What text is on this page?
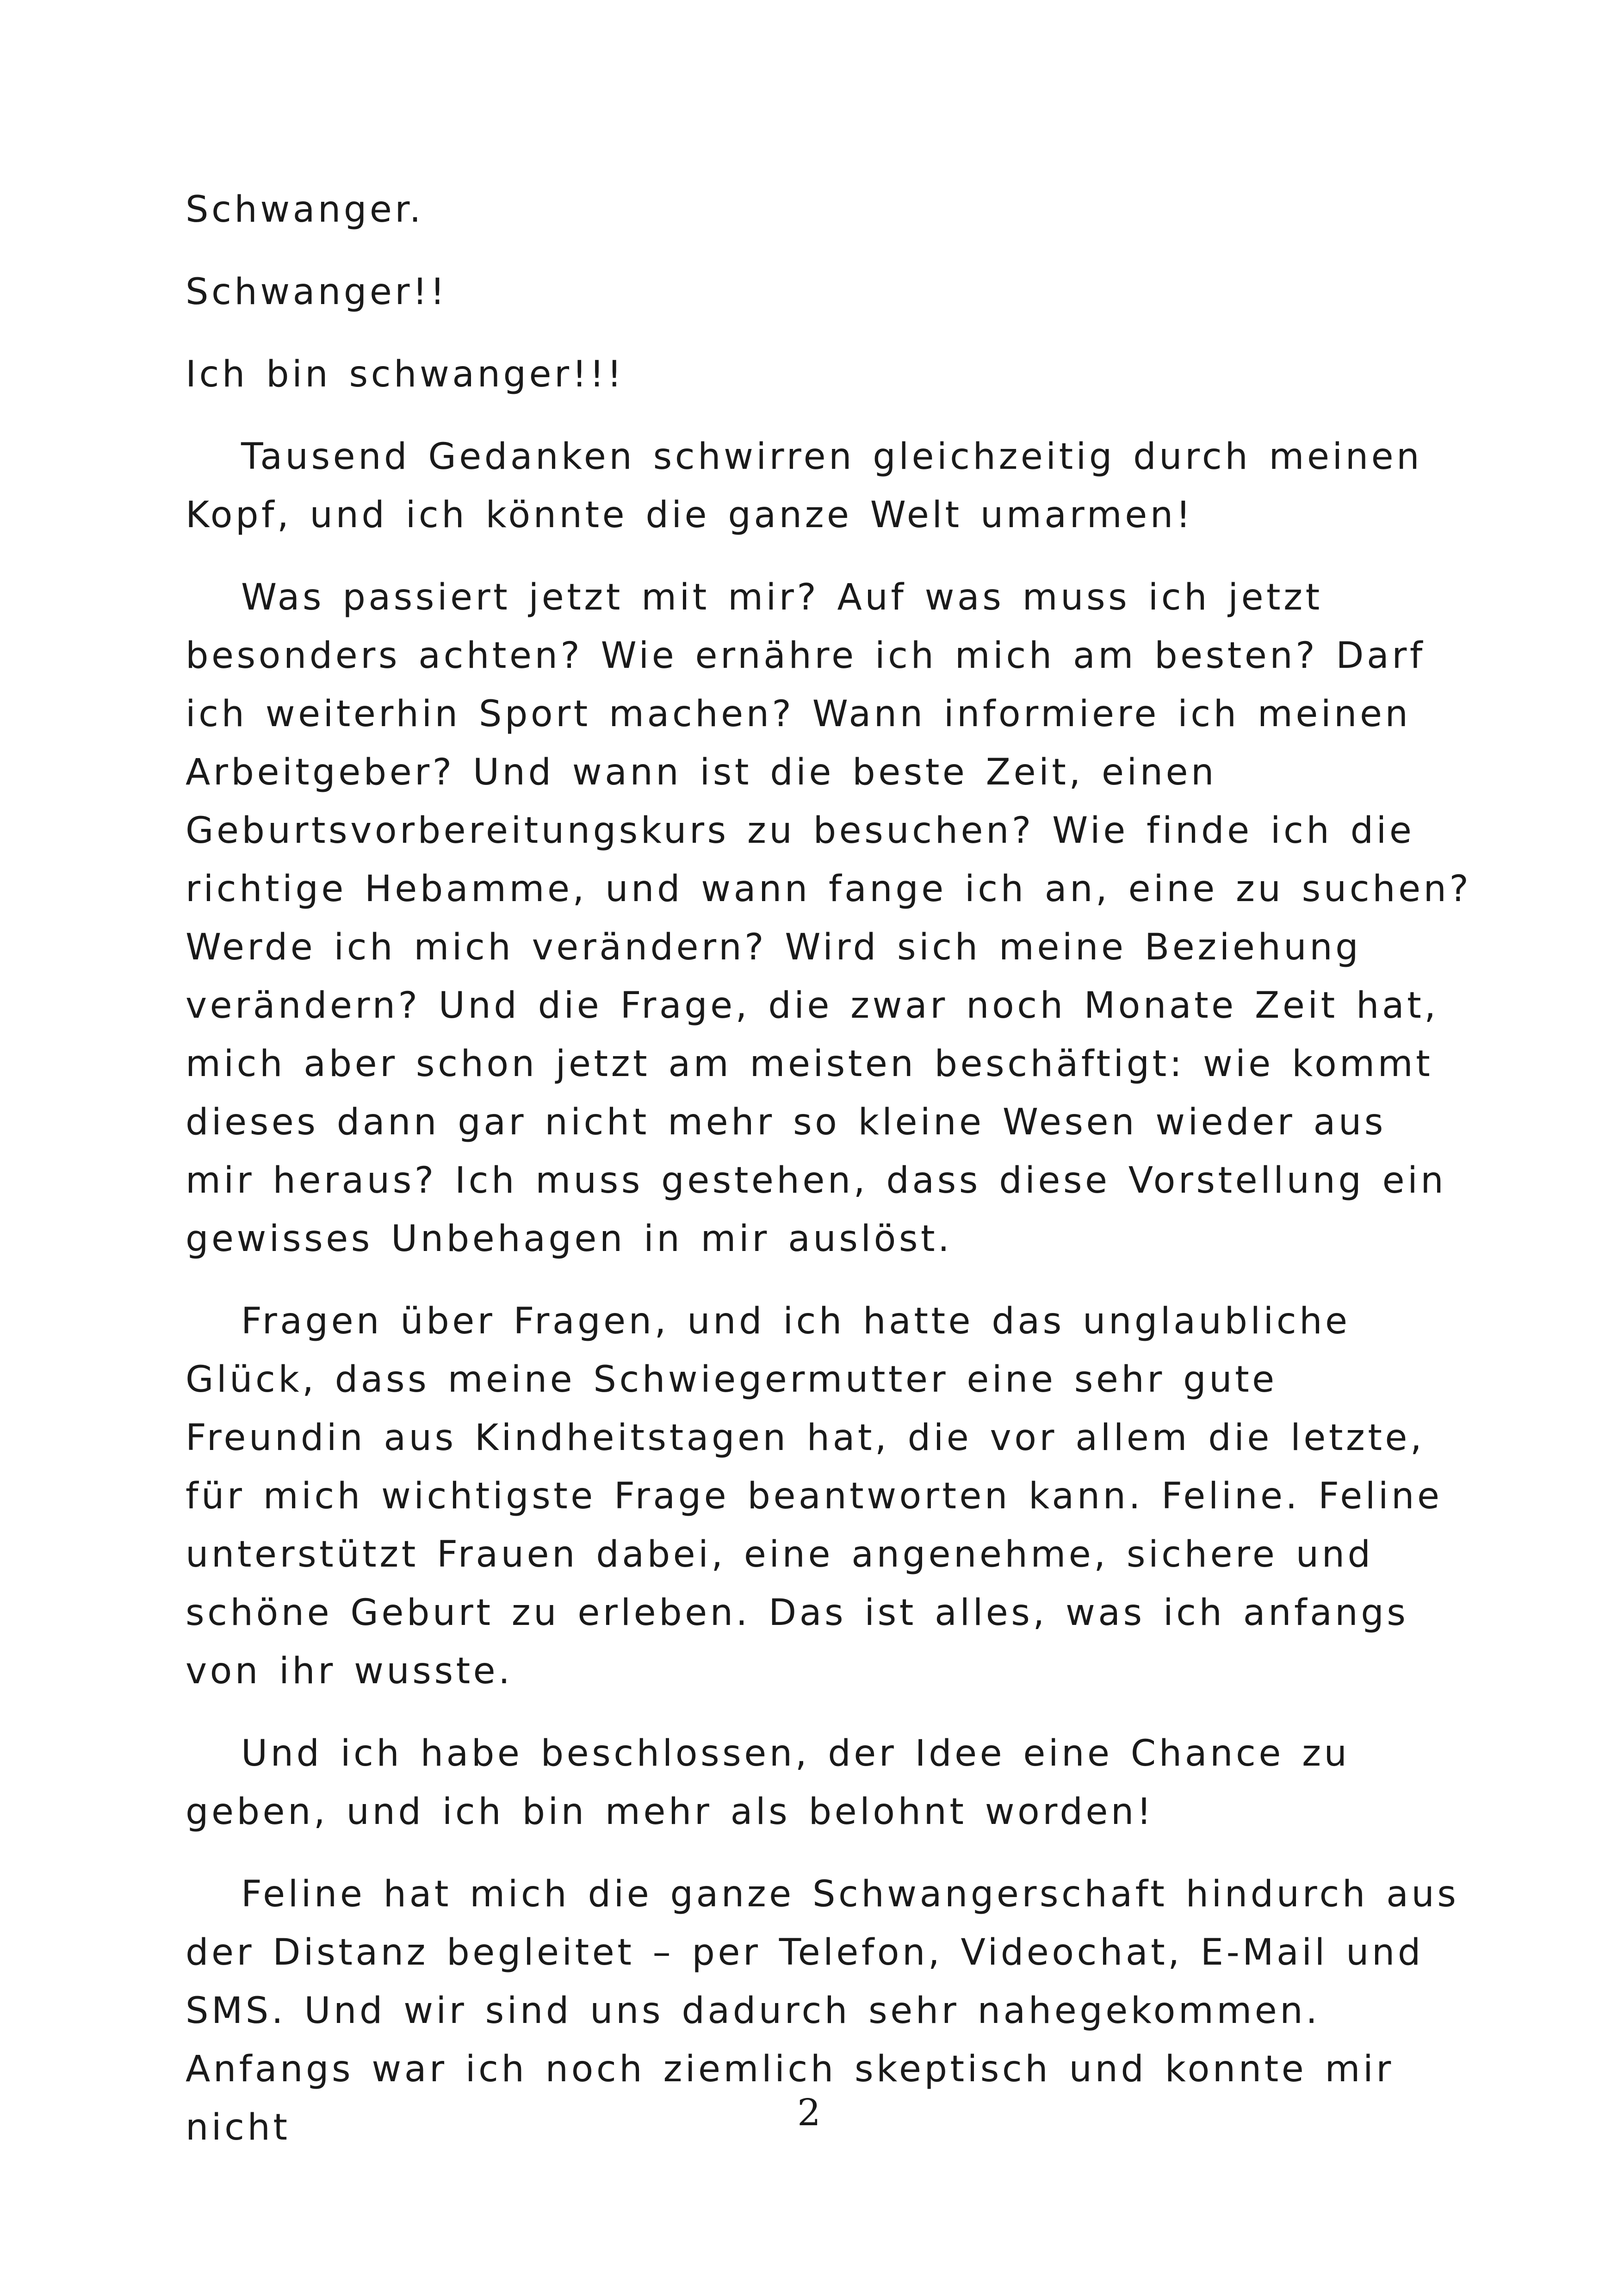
Schwanger.

Schwanger!!

Ich bin schwanger!!!

Tausend Gedanken schwirren gleichzeitig durch meinen Kopf, und ich könnte die ganze Welt umarmen!

Was passiert jetzt mit mir? Auf was muss ich jetzt besonders achten? Wie ernähre ich mich am besten? Darf ich weiterhin Sport machen? Wann informiere ich meinen Arbeitgeber? Und wann ist die beste Zeit, einen Geburtsvorbereitungskurs zu besuchen? Wie finde ich die richtige Hebamme, und wann fange ich an, eine zu suchen? Werde ich mich verändern? Wird sich meine Beziehung verändern? Und die Frage, die zwar noch Monate Zeit hat, mich aber schon jetzt am meisten beschäftigt: wie kommt dieses dann gar nicht mehr so kleine Wesen wieder aus mir heraus? Ich muss gestehen, dass diese Vorstellung ein gewisses Unbehagen in mir auslöst.

Fragen über Fragen, und ich hatte das unglaubliche Glück, dass meine Schwiegermutter eine sehr gute Freundin aus Kindheitstagen hat, die vor allem die letzte, für mich wichtigste Frage beantworten kann. Feline. Feline unterstützt Frauen dabei, eine angenehme, sichere und schöne Geburt zu erleben. Das ist alles, was ich anfangs von ihr wusste.

Und ich habe beschlossen, der Idee eine Chance zu geben, und ich bin mehr als belohnt worden!

Feline hat mich die ganze Schwangerschaft hindurch aus der Distanz begleitet – per Telefon, Videochat, E-Mail und SMS. Und wir sind uns dadurch sehr nahegekommen. Anfangs war ich noch ziemlich skeptisch und konnte mir nicht	2
